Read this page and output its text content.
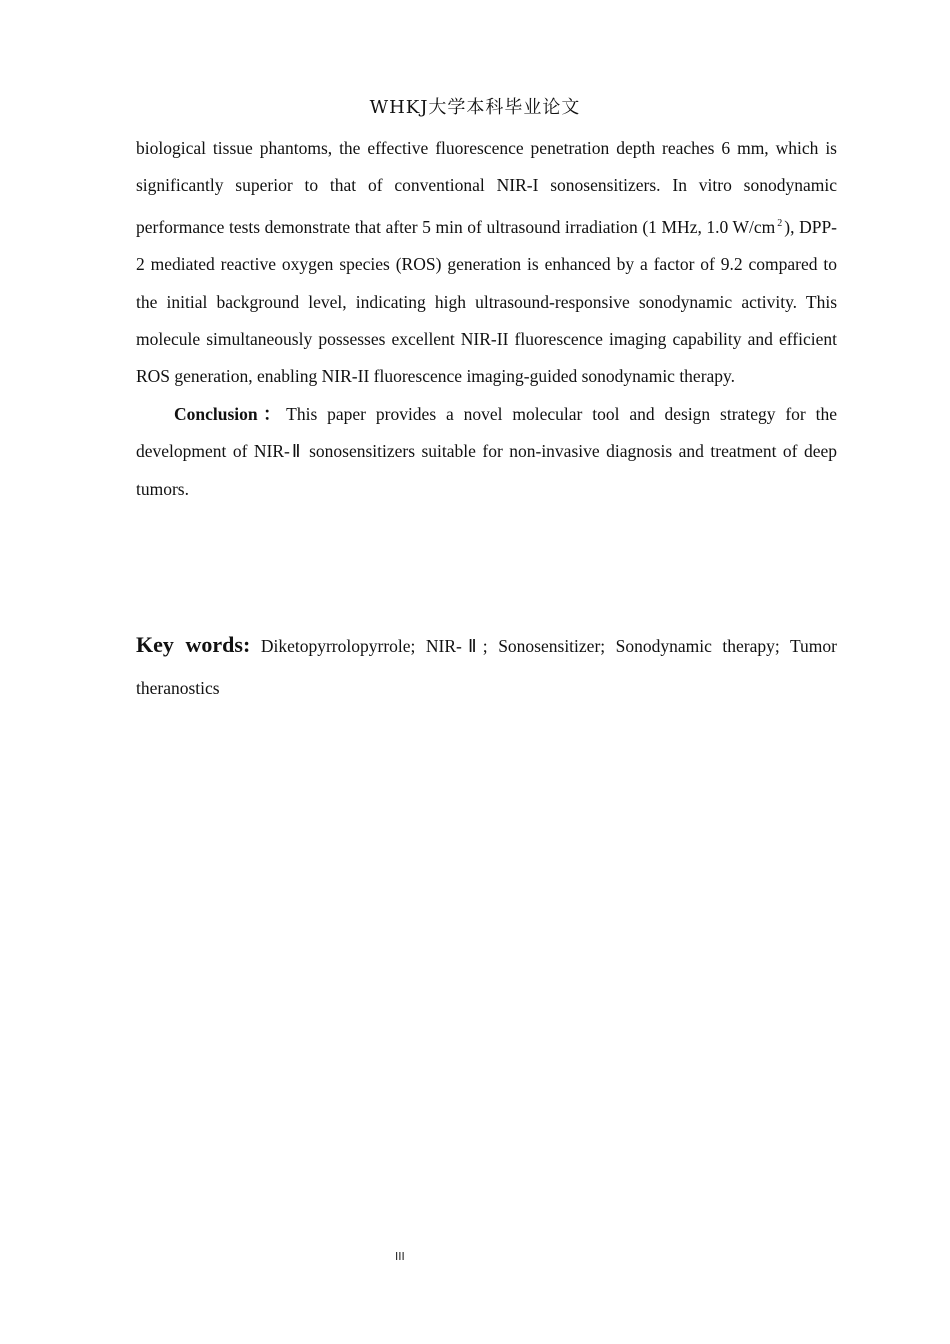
WHKJ大学本科毕业论文

biological tissue phantoms, the effective fluorescence penetration depth reaches 6 mm, which is significantly superior to that of conventional NIR-I sonosensitizers. In vitro sonodynamic performance tests demonstrate that after 5 min of ultrasound irradiation (1 MHz, 1.0 W/cm $^2$ ), DPP-2 mediated reactive oxygen species (ROS) generation is enhanced by a factor of 9.2 compared to the initial background level, indicating high ultrasound‑responsive sonodynamic activity. This molecule simultaneously possesses excellent NIR-II fluorescence imaging capability and efficient ROS generation, enabling NIR-II fluorescence imaging-guided sonodynamic therapy.

Conclusion：This paper provides a novel molecular tool and design strategy for the development of NIR-Ⅱ sonosensitizers suitable for non-invasive diagnosis and treatment of deep tumors.

Key words: Diketopyrrolopyrrole; NIR-Ⅱ; Sonosensitizer; Sonodynamic therapy; Tumor theranostics
III
